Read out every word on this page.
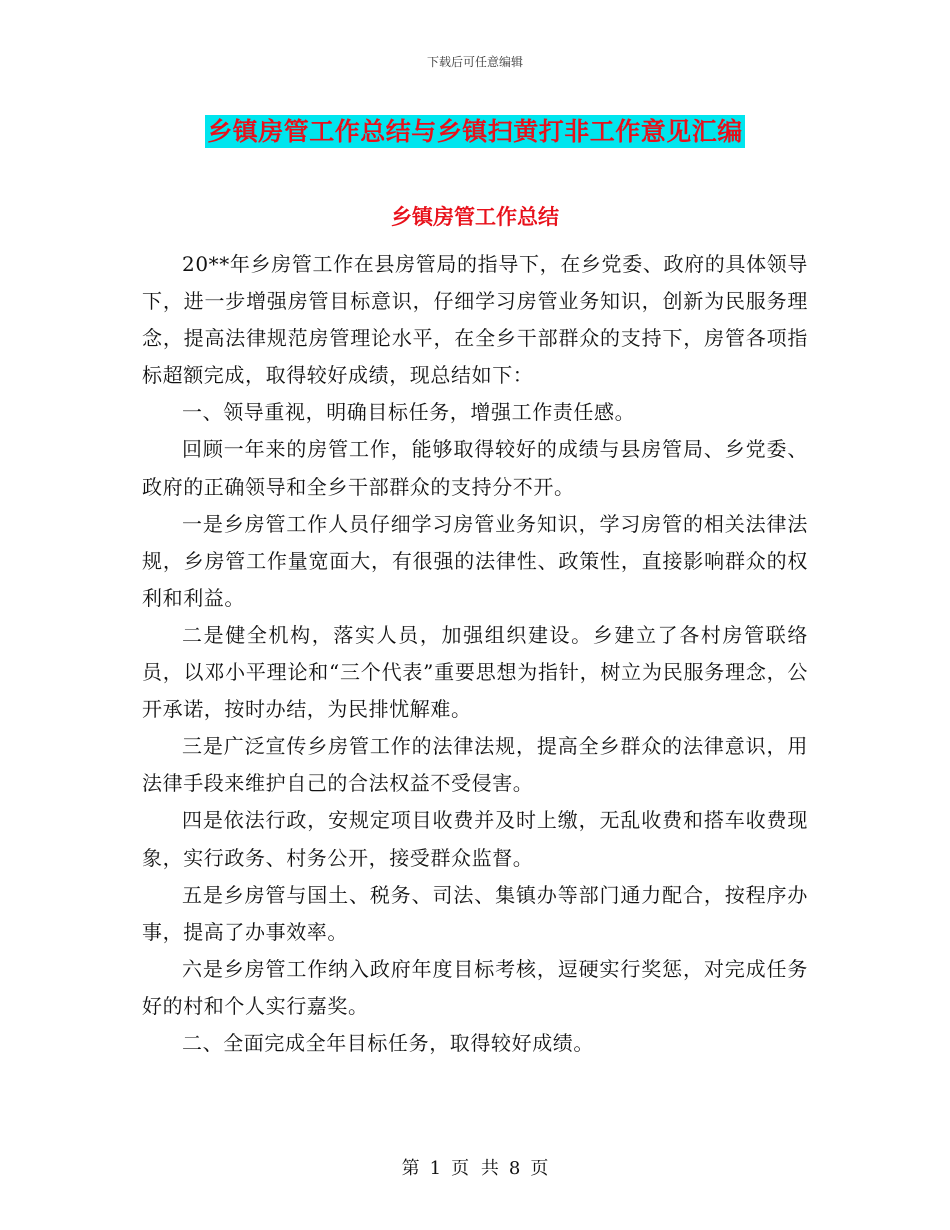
下载后可任意编辑
乡镇房管工作总结与乡镇扫黄打非工作意见汇编
乡镇房管工作总结

20**年乡房管工作在县房管局的指导下，在乡党委、政府的具体领导下，进一步增强房管目标意识，仔细学习房管业务知识，创新为民服务理念，提高法律规范房管理论水平，在全乡干部群众的支持下，房管各项指标超额完成，取得较好成绩，现总结如下：

一、领导重视，明确目标任务，增强工作责任感。

回顾一年来的房管工作，能够取得较好的成绩与县房管局、乡党委、政府的正确领导和全乡干部群众的支持分不开。

一是乡房管工作人员仔细学习房管业务知识，学习房管的相关法律法规，乡房管工作量宽面大，有很强的法律性、政策性，直接影响群众的权利和利益。

二是健全机构，落实人员，加强组织建设。乡建立了各村房管联络员，以邓小平理论和“三个代表”重要思想为指针，树立为民服务理念，公开承诺，按时办结，为民排忧解难。

三是广泛宣传乡房管工作的法律法规，提高全乡群众的法律意识，用法律手段来维护自己的合法权益不受侵害。

四是依法行政，安规定项目收费并及时上缴，无乱收费和搭车收费现象，实行政务、村务公开，接受群众监督。

五是乡房管与国土、税务、司法、集镇办等部门通力配合，按程序办事，提高了办事效率。

六是乡房管工作纳入政府年度目标考核，逗硬实行奖惩，对完成任务好的村和个人实行嘉奖。

二、全面完成全年目标任务，取得较好成绩。

第 1 页 共 8 页
